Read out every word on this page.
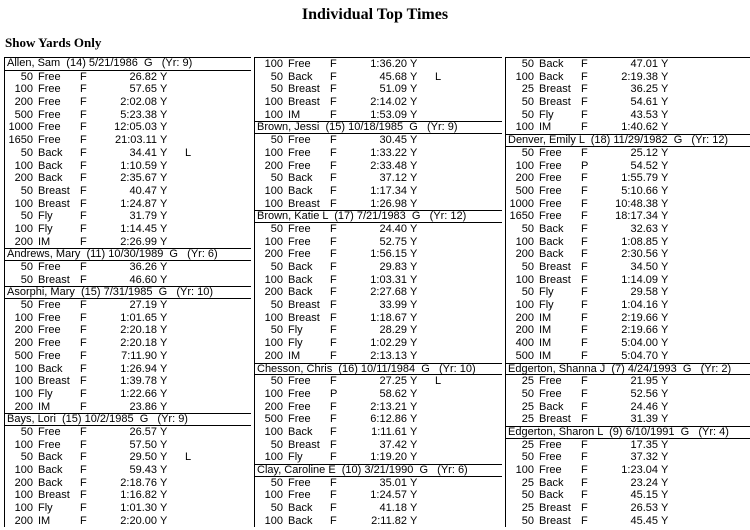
Individual Top Times
Show Yards Only
Allen, Sam  (14) 5/21/1986  G   (Yr: 9)
50 Free	F	26.82 Y
100 Free	F	57.65 Y
200 Free	F	2:02.08 Y
500 Free	F	5:23.38 Y
1000 Free	F	12:05.03 Y
1650 Free	F	21:03.11 Y
50 Back	F	34.41 Y	L
100 Back	F	1:10.59 Y
200 Back	F	2:35.67 Y
50 Breast F	40.47 Y
100 Breast F	1:24.87 Y
50 Fly	F	31.79 Y
100 Fly	F	1:14.45 Y
200 IM	F	2:26.99 Y
Andrews, Mary  (11) 10/30/1989  G   (Yr: 6)
50 Free	F	36.26 Y
50 Breast F	46.60 Y
Asorphi, Mary  (15) 7/31/1985  G   (Yr: 10)
50 Free	F	27.19 Y
100 Free	F	1:01.65 Y
200 Free	F	2:20.18 Y
200 Free	F	2:20.18 Y
500 Free	F	7:11.90 Y
100 Back	F	1:26.94 Y
100 Breast F	1:39.78 Y
100 Fly	F	1:22.66 Y
200 IM	F	23.86 Y
Bays, Lori  (15) 10/2/1985  G   (Yr: 9)
50 Free	F	26.57 Y
100 Free	F	57.50 Y
50 Back	F	29.50 Y	L
100 Back	F	59.43 Y
200 Back	F	2:18.76 Y
100 Breast F	1:16.82 Y
100 Fly	F	1:01.30 Y
200 IM	F	2:20.00 Y
100 Free	F	1:36.20 Y
50 Back	F	45.68 Y	L
50 Breast F	51.09 Y
100 Breast F	2:14.02 Y
100 IM	F	1:53.09 Y
Brown, Jessi  (15) 10/18/1985  G   (Yr: 9)
50 Free	F	30.45 Y
100 Free	F	1:33.22 Y
200 Free	F	2:33.48 Y
50 Back	F	37.12 Y
100 Back	F	1:17.34 Y
100 Breast F	1:26.98 Y
Brown, Katie L  (17) 7/21/1983  G   (Yr: 12)
50 Free	F	24.40 Y
100 Free	F	52.75 Y
200 Free	F	1:56.15 Y
50 Back	F	29.83 Y
100 Back	F	1:03.31 Y
200 Back	F	2:27.68 Y
50 Breast F	33.99 Y
100 Breast F	1:18.67 Y
50 Fly	F	28.29 Y
100 Fly	F	1:02.29 Y
200 IM	F	2:13.13 Y
Chesson, Chris  (16) 10/11/1984  G   (Yr: 10)
50 Free	F	27.25 Y	L
100 Free	P	58.62 Y
200 Free	F	2:13.21 Y
500 Free	F	6:12.86 Y
100 Back	F	1:11.61 Y
50 Breast F	37.42 Y
100 Fly	F	1:19.20 Y
Clay, Caroline E  (10) 3/21/1990  G   (Yr: 6)
50 Free	F	35.01 Y
100 Free	F	1:24.57 Y
50 Back	F	41.18 Y
100 Back	F	2:11.82 Y
50 Back	F	47.01 Y
100 Back	F	2:19.38 Y
25 Breast F	36.25 Y
50 Breast F	54.61 Y
50 Fly	F	43.53 Y
100 IM	F	1:40.62 Y
Denver, Emily L  (18) 11/29/1982  G   (Yr: 12)
50 Free	F	25.12 Y
100 Free	P	54.52 Y
200 Free	F	1:55.79 Y
500 Free	F	5:10.66 Y
1000 Free	F	10:48.38 Y
1650 Free	F	18:17.34 Y
50 Back	F	32.63 Y
100 Back	F	1:08.85 Y
200 Back	F	2:30.56 Y
50 Breast F	34.50 Y
100 Breast F	1:14.09 Y
50 Fly	F	29.58 Y
100 Fly	F	1:04.16 Y
200 IM	F	2:19.66 Y
200 IM	F	2:19.66 Y
400 IM	F	5:04.00 Y
500 IM	F	5:04.70 Y
Edgerton, Shanna J  (7) 4/24/1993  G   (Yr: 2)
25 Free	F	21.95 Y
50 Free	F	52.56 Y
25 Back	F	24.46 Y
25 Breast F	31.39 Y
Edgerton, Sharon L  (9) 6/10/1991  G   (Yr: 4)
25 Free	F	17.35 Y
50 Free	F	37.32 Y
100 Free	F	1:23.04 Y
25 Back	F	23.24 Y
50 Back	F	45.15 Y
25 Breast F	26.53 Y
50 Breast F	45.45 Y
